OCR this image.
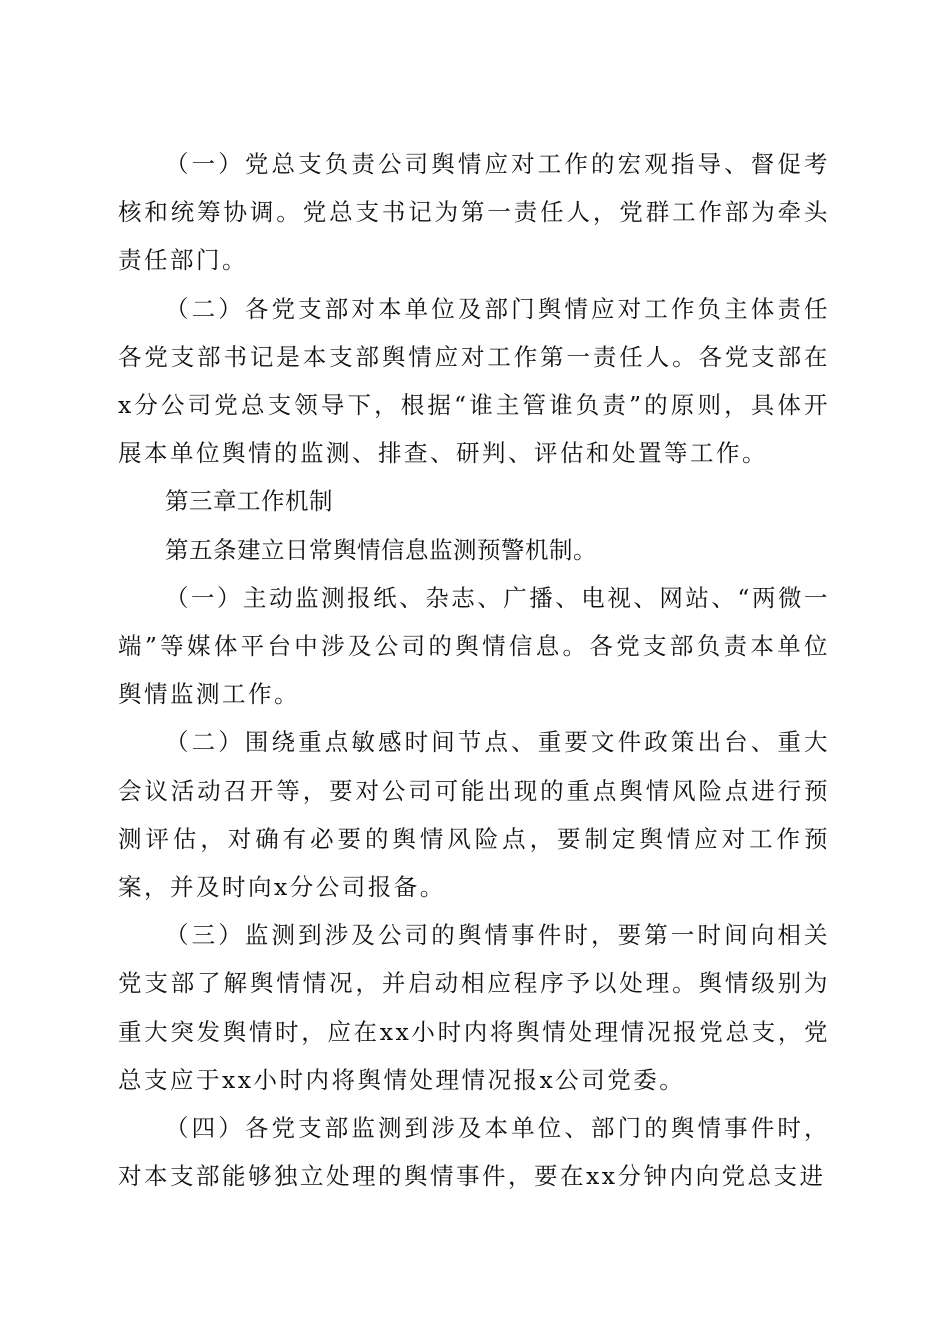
（一）党总支负责公司舆情应对工作的宏观指导、督促考核和统筹协调。党总支书记为第一责任人，党群工作部为牵头责任部门。

（二）各党支部对本单位及部门舆情应对工作负主体责任各党支部书记是本支部舆情应对工作第一责任人。各党支部在x分公司党总支领导下，根据“谁主管谁负责”的原则，具体开展本单位舆情的监测、排查、研判、评估和处置等工作。

第三章工作机制

第五条建立日常舆情信息监测预警机制。

（一）主动监测报纸、杂志、广播、电视、网站、“两微一端”等媒体平台中涉及公司的舆情信息。各党支部负责本单位舆情监测工作。

（二）围绕重点敏感时间节点、重要文件政策出台、重大会议活动召开等，要对公司可能出现的重点舆情风险点进行预测评估，对确有必要的舆情风险点，要制定舆情应对工作预案，并及时向x分公司报备。

（三）监测到涉及公司的舆情事件时，要第一时间向相关党支部了解舆情情况，并启动相应程序予以处理。舆情级别为重大突发舆情时，应在xx小时内将舆情处理情况报党总支，党总支应于xx小时内将舆情处理情况报x公司党委。

（四）各党支部监测到涉及本单位、部门的舆情事件时，对本支部能够独立处理的舆情事件，要在xx分钟内向党总支进
